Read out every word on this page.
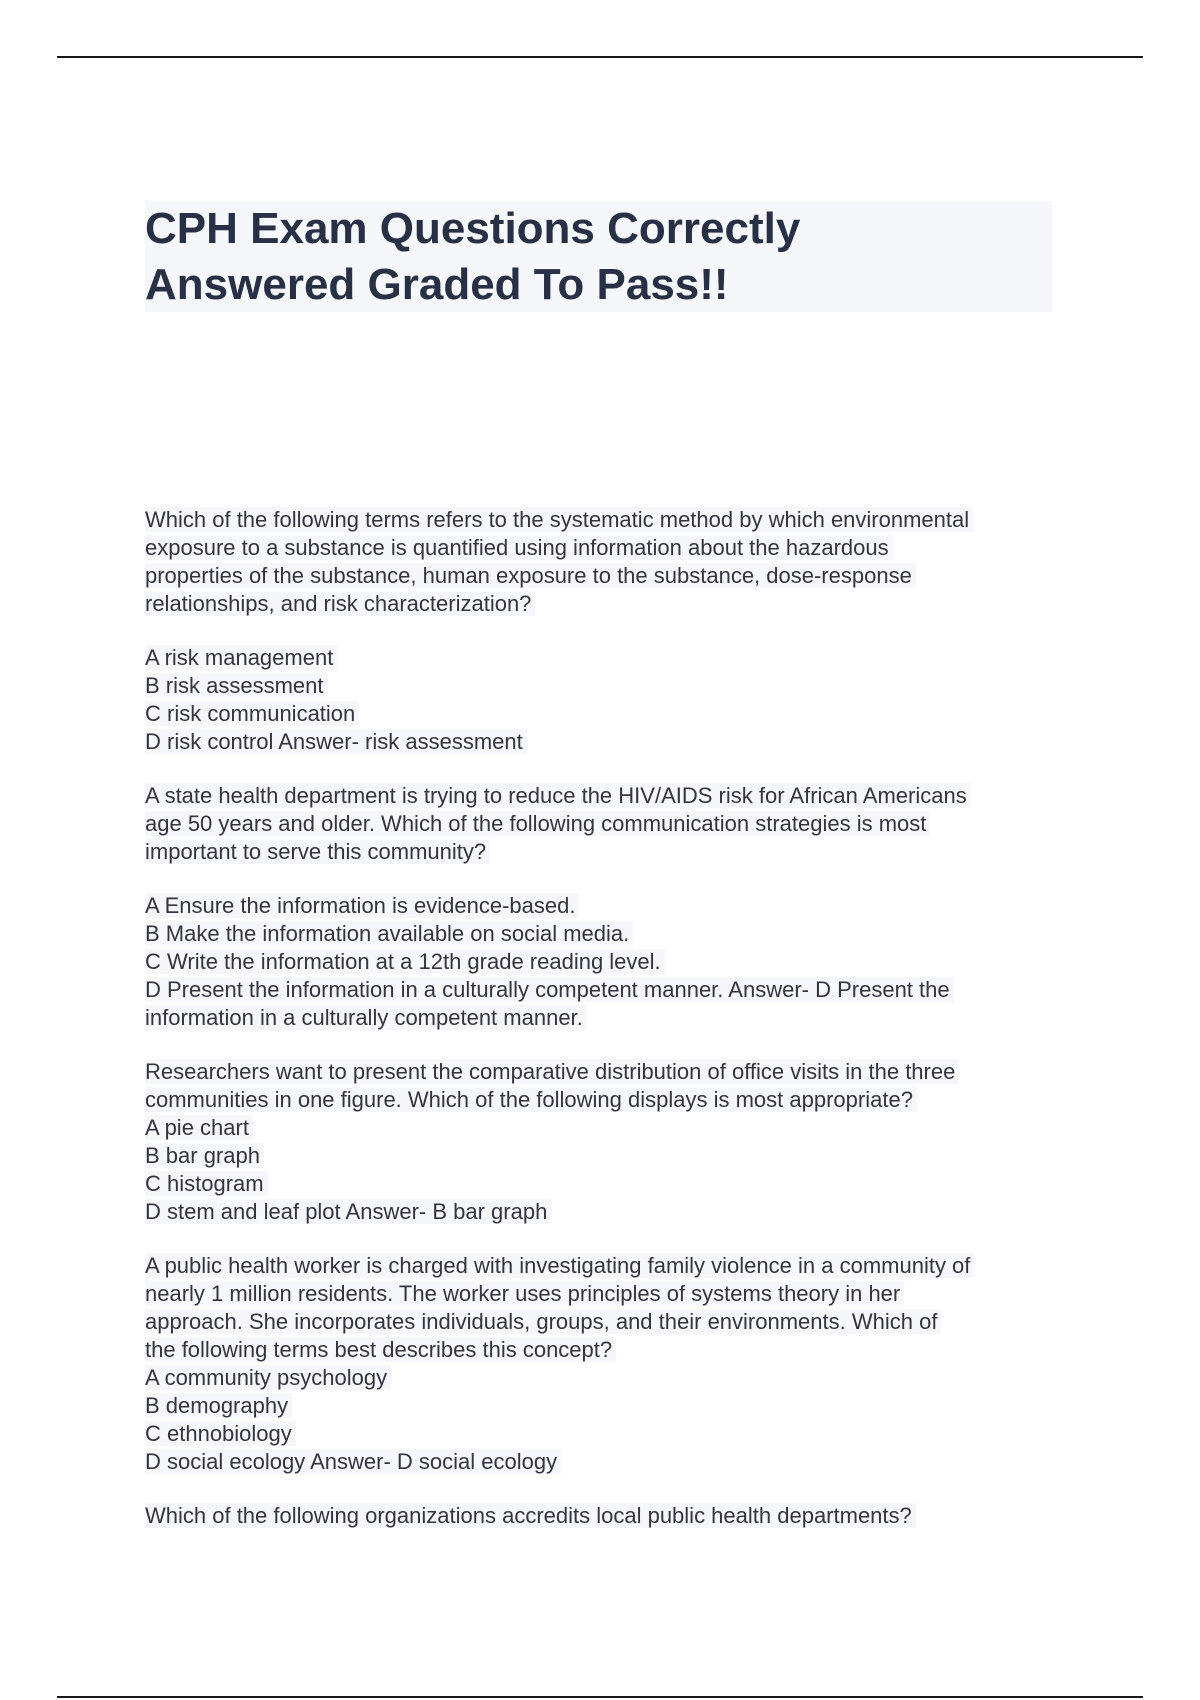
CPH Exam Questions Correctly
Answered Graded To Pass!!
Which of the following terms refers to the systematic method by which environmental
exposure to a substance is quantified using information about the hazardous
properties of the substance, human exposure to the substance, dose-response
relationships, and risk characterization?
A risk management
B risk assessment
C risk communication
D risk control Answer- risk assessment
A state health department is trying to reduce the HIV/AIDS risk for African Americans
age 50 years and older. Which of the following communication strategies is most
important to serve this community?
A Ensure the information is evidence-based.
B Make the information available on social media.
C Write the information at a 12th grade reading level.
D Present the information in a culturally competent manner. Answer- D Present the
information in a culturally competent manner.
Researchers want to present the comparative distribution of office visits in the three
communities in one figure. Which of the following displays is most appropriate?
A pie chart
B bar graph
C histogram
D stem and leaf plot Answer- B bar graph
A public health worker is charged with investigating family violence in a community of
nearly 1 million residents. The worker uses principles of systems theory in her
approach. She incorporates individuals, groups, and their environments. Which of
the following terms best describes this concept?
A community psychology
B demography
C ethnobiology
D social ecology Answer- D social ecology
Which of the following organizations accredits local public health departments?
